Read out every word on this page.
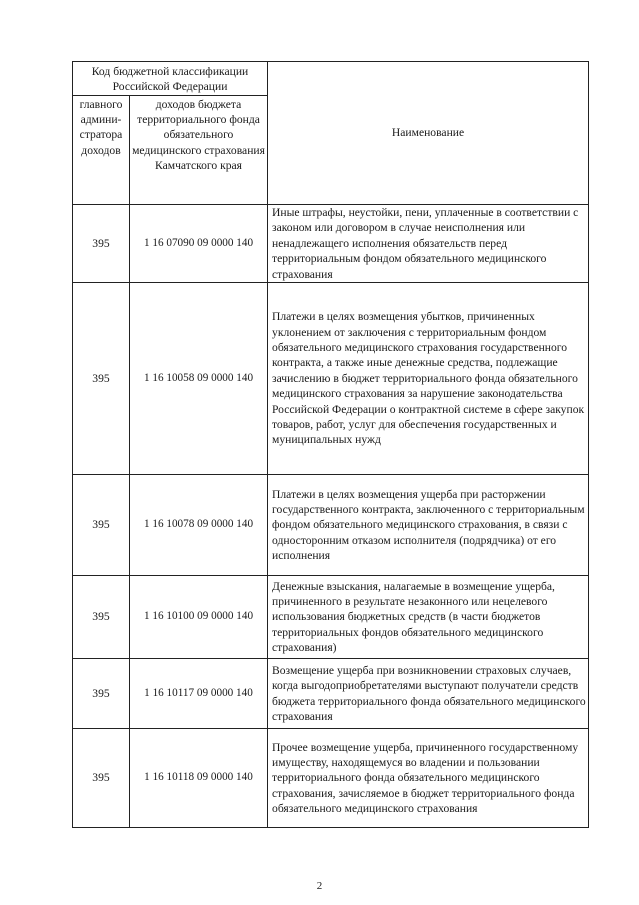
Код бюджетной классификации Российской Федерации		Наименование
главного админи-стратора доходов	доходов бюджета территориального фонда обязательного медицинского страхования Камчатского края	
395	1 16 07090 09 0000 140	Иные штрафы, неустойки, пени, уплаченные в соответствии с законом или договором в случае неисполнения или ненадлежащего исполнения обязательств перед территориальным фондом обязательного медицинского страхования
395	1 16 10058 09 0000 140	Платежи в целях возмещения убытков, причиненных уклонением от заключения с территориальным фондом обязательного медицинского страхования государственного контракта, а также иные денежные средства, подлежащие зачислению в бюджет территориального фонда обязательного медицинского страхования за нарушение законодательства Российской Федерации о контрактной системе в сфере закупок товаров, работ, услуг для обеспечения государственных и муниципальных нужд
395	1 16 10078 09 0000 140	Платежи в целях возмещения ущерба при расторжении государственного контракта, заключенного с территориальным фондом обязательного медицинского страхования, в связи с односторонним отказом исполнителя (подрядчика) от его исполнения
395	1 16 10100 09 0000 140	Денежные взыскания, налагаемые в возмещение ущерба, причиненного в результате незаконного или нецелевого использования бюджетных средств (в части бюджетов территориальных фондов обязательного медицинского страхования)
395	1 16 10117 09 0000 140	Возмещение ущерба при возникновении страховых случаев, когда выгодоприобретателями выступают получатели средств бюджета территориального фонда обязательного медицинского страхования
395	1 16 10118 09 0000 140	Прочее возмещение ущерба, причиненного государственному имуществу, находящемуся во владении и пользовании территориального фонда обязательного медицинского страхования, зачисляемое в бюджет территориального фонда обязательного медицинского страхования
2
